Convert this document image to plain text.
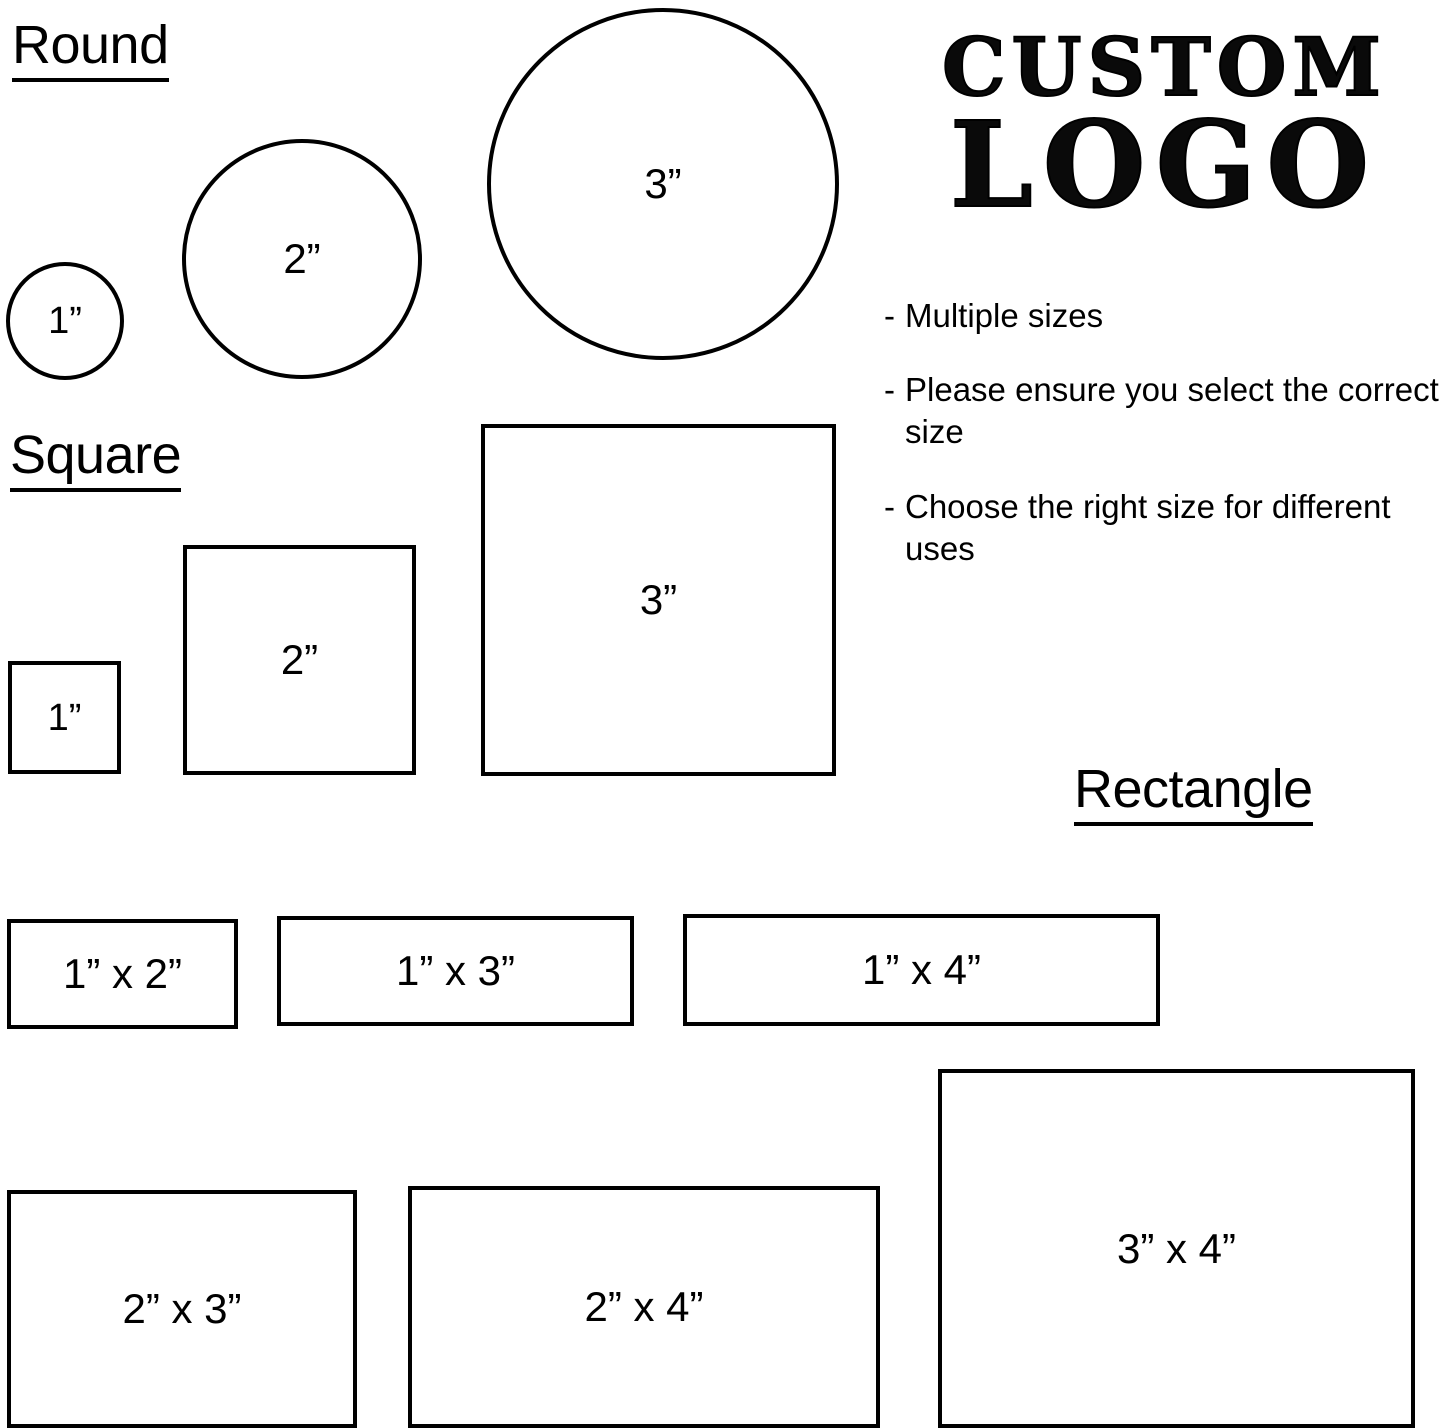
Round
1”
2”
3”
Square
1”
2”
3”
Rectangle
1” x 2”	1” x 3”	1” x 4”
2” x 3”	2” x 4”
3” x 4”
CUSTOM
LOGO
- Multiple sizes
- Please ensure you select the correct size
- Choose the right size for different uses
